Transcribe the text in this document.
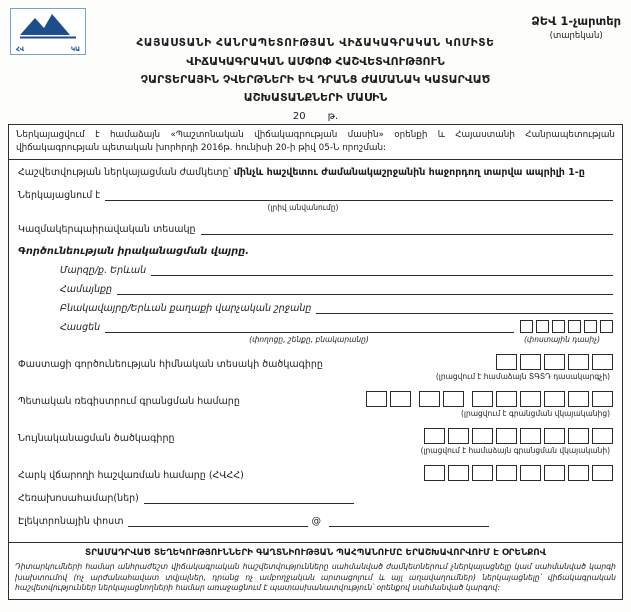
ՀՎ	ԿԱ
ՁԵՎ 1-չարտեր
(տարեկան)
ՀԱՅԱՍՏԱՆԻ ՀԱՆՐԱՊԵՏՈՒԹՅԱՆ ՎԻՃԱԿԱԳՐԱԿԱՆ ԿՈՄԻՏԵ
ՎԻՃԱԿԱԳՐԱԿԱՆ ԱՄՓՈՓ ՀԱՇՎԵՏՎՈՒԹՅՈՒՆ
ՉԱՐՏԵՐԱՅԻՆ ՉՎԵՐԹՆԵՐԻ ԵՎ ԴՐԱՆՑ ԺԱՄԱՆԱԿ ԿԱՏԱՐՎԱԾ
ԱՇԽԱՏԱՆՔՆԵՐԻ ՄԱՍԻՆ
20 թ.
Ներկայացվում է համաձայն «Պաշտոնական վիճակագրության մասին» օրենքի և Հայաստանի Հանրապետության վիճակագրության պետական խորհրդի 2016թ. հունիսի 20-ի թիվ 05-Ն որոշման:
Հաշվետվության ներկայացման ժամկետը՝ մինչև հաշվետու ժամանակաշրջանին հաջորդող տարվա ապրիլի 1-ը
Ներկայացնում է
(լրիվ անվանումը)
Կազմակերպաիրավական տեսակը
Գործունեության իրականացման վայրը.
Մարզը/ք. Երևան
Համայնքը
Բնակավայրը/Երևան քաղաքի վարչական շրջանը
Հասցեն
(փողոցը, շենքը, բնակարանը)	(փոստային դասիչ)
Փաստացի գործունեության հիմնական տեսակի ծածկագիրը
(լրացվում է համաձայն ՏԳՏԴ դասակարգչի)
Պետական ռեգիստրում գրանցման համարը
(լրացվում է գրանցման վկայականից)
Նույնականացման ծածկագիրը
(լրացվում է համաձայն գրանցման վկայականի)
Հարկ վճարողի հաշվառման համարը (ՀՎՀՀ)
Հեռախոսահամար(ներ)
Էլեկտրոնային փոստ	@
ՏՐԱՄԱԴՐՎԱԾ ՏԵՂԵԿՈՒԹՅՈՒՆՆԵՐԻ ԳԱՂՏՆԻՈՒԹՅԱՆ ՊԱՀՊԱՆՈՒՄԸ ԵՐԱՇԽԱՎՈՐՎՈՒՄ Է ՕՐԵՆՔՈՎ
Դիտարկումների համար անհրաժեշտ վիճակագրական հաշվետվությունները սահմանված ժամկետներում չներկայացնելը կամ սահմանված կարգի խախտումով (ոչ արժանահավատ տվյալներ, դրանց ոչ ամբողջական արտացոլում և այլ աղավաղումներ) ներկայացնելը՝ վիճակագրական հաշվետվություններ ներկայացնողների համար առաջացնում է պատասխանատվություն՝ օրենքով սահմանված կարգով:
